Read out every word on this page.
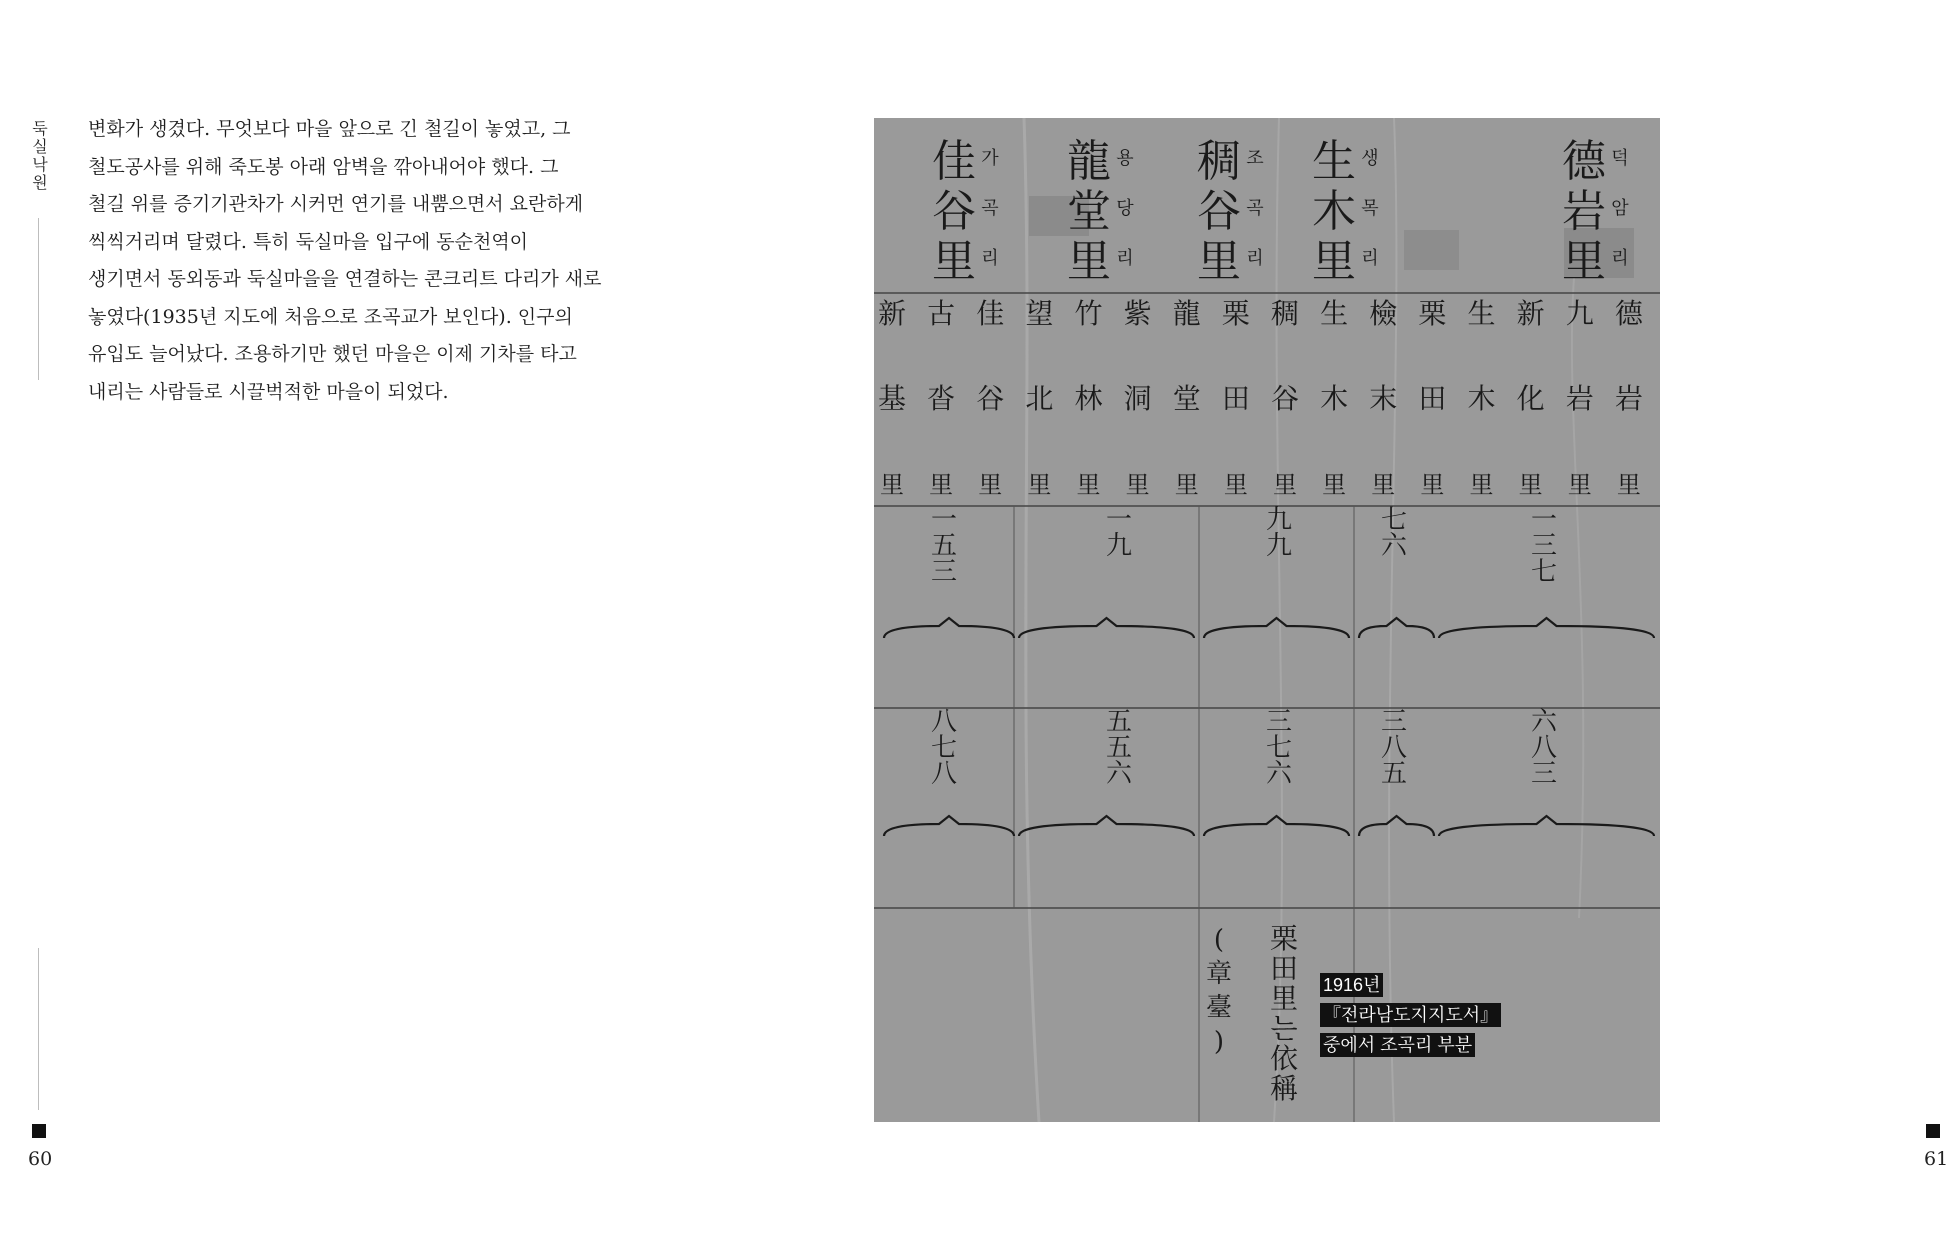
둑실낙원
변화가 생겼다. 무엇보다 마을 앞으로 긴 철길이 놓였고, 그
철도공사를 위해 죽도봉 아래 암벽을 깎아내어야 했다. 그
철길 위를 증기기관차가 시커먼 연기를 내뿜으면서 요란하게
씩씩거리며 달렸다. 특히 둑실마을 입구에 동순천역이
생기면서 동외동과 둑실마을을 연결하는 콘크리트 다리가 새로
놓였다(1935년 지도에 처음으로 조곡교가 보인다). 인구의
유입도 늘어났다. 조용하기만 했던 마을은 이제 기차를 타고
내리는 사람들로 시끌벅적한 마을이 되었다.
60	61
佳
谷
里
龍
堂
里
稠
谷
里
生
木
里
德
岩
里
가
곡
리
용
당
리
조
곡
리
생
목
리
덕
암
리
新 古 佳 望 竹 紫 龍 栗 稠 生 檢 栗 生 新 九 德
基 沓 谷 北 林 洞 堂 田 谷 木 末 田 木 化 岩 岩
里 里 里 里 里 里 里 里 里 里 里 里 里 里 里 里
一
五
三
一
九
九
九
七
六
一
三
七
八
七
八
五
五
六
三
七
六
三
八
五
六
八
三
栗
田
里
는
依
稱
(
章
臺
)
1916년
『전라남도지지도서』
중에서 조곡리 부분
